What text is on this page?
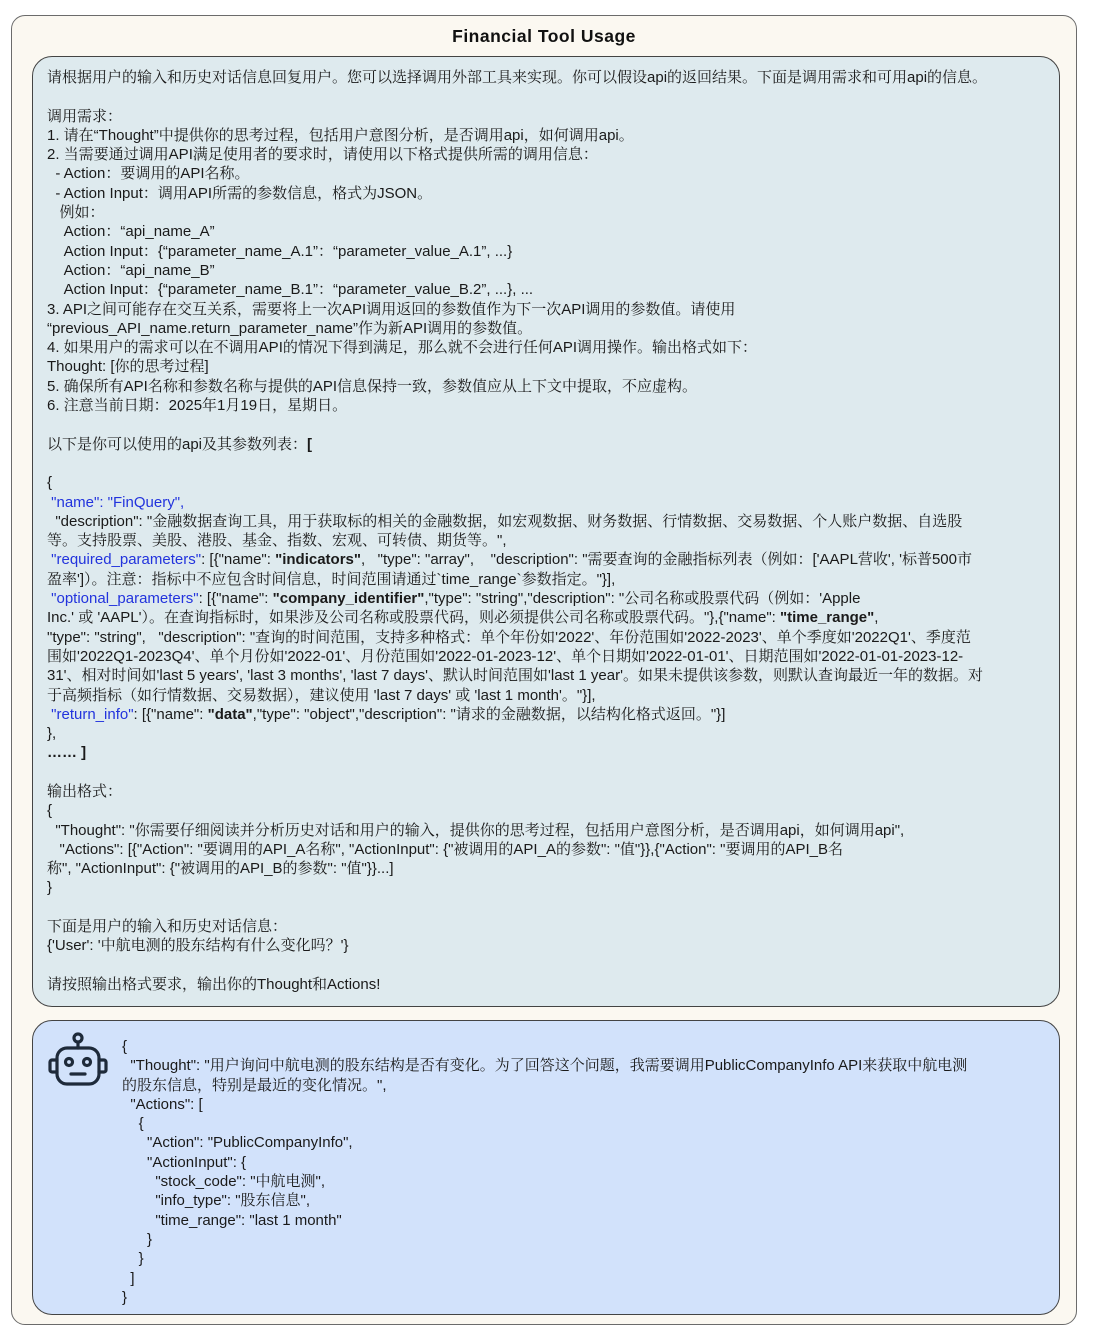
Financial Tool Usage
请根据用户的输入和历史对话信息回复用户。您可以选择调用外部工具来实现。你可以假设api的返回结果。下面是调用需求和可用api的信息。
调用需求：
1. 请在“Thought”中提供你的思考过程，包括用户意图分析，是否调用api，如何调用api。
2. 当需要通过调用API满足使用者的要求时，请使用以下格式提供所需的调用信息：
- Action：要调用的API名称。
- Action Input：调用API所需的参数信息，格式为JSON。
例如：
Action：“api_name_A”
Action Input：{“parameter_name_A.1”：“parameter_value_A.1”, ...}
Action：“api_name_B”
Action Input：{“parameter_name_B.1”：“parameter_value_B.2”, ...}, ...
3. API之间可能存在交互关系，需要将上一次API调用返回的参数值作为下一次API调用的参数值。请使用
“previous_API_name.return_parameter_name”作为新API调用的参数值。
4. 如果用户的需求可以在不调用API的情况下得到满足，那么就不会进行任何API调用操作。输出格式如下：
Thought: [你的思考过程]
5. 确保所有API名称和参数名称与提供的API信息保持一致，参数值应从上下文中提取，不应虚构。
6. 注意当前日期：2025年1月19日，星期日。
以下是你可以使用的api及其参数列表：[
{
"name": "FinQuery",
"description": "金融数据查询工具，用于获取标的相关的金融数据，如宏观数据、财务数据、行情数据、交易数据、个人账户数据、自选股
等。支持股票、美股、港股、基金、指数、宏观、可转债、期货等。",
"required_parameters": [{"name": "indicators",   "type": "array",    "description": "需要查询的金融指标列表（例如：['AAPL营收', '标普500市
盈率']）。注意：指标中不应包含时间信息，时间范围请通过`time_range`参数指定。"}],
"optional_parameters": [{"name": "company_identifier","type": "string","description": "公司名称或股票代码（例如：'Apple
Inc.' 或 'AAPL'）。在查询指标时，如果涉及公司名称或股票代码，则必须提供公司名称或股票代码。"},{"name": "time_range",
"type": "string",   "description": "查询的时间范围，支持多种格式：单个年份如'2022'、年份范围如'2022-2023'、单个季度如'2022Q1'、季度范
围如'2022Q1-2023Q4'、单个月份如'2022-01'、月份范围如'2022-01-2023-12'、单个日期如'2022-01-01'、日期范围如'2022-01-01-2023-12-
31'、相对时间如'last 5 years', 'last 3 months', 'last 7 days'、默认时间范围如'last 1 year'。如果未提供该参数，则默认查询最近一年的数据。对
于高频指标（如行情数据、交易数据），建议使用 'last 7 days' 或 'last 1 month'。"}],
"return_info": [{"name": "data","type": "object","description": "请求的金融数据，以结构化格式返回。"}]
},
…… ]
输出格式：
{
"Thought": "你需要仔细阅读并分析历史对话和用户的输入，提供你的思考过程，包括用户意图分析，是否调用api，如何调用api",
"Actions": [{"Action": "要调用的API_A名称", "ActionInput": {"被调用的API_A的参数": "值"}},{"Action": "要调用的API_B名
称", "ActionInput": {"被调用的API_B的参数": "值"}}...]
}
下面是用户的输入和历史对话信息：
{'User': '中航电测的股东结构有什么变化吗？'}
请按照输出格式要求，输出你的Thought和Actions!
{
"Thought": "用户询问中航电测的股东结构是否有变化。为了回答这个问题，我需要调用PublicCompanyInfo API来获取中航电测
的股东信息，特别是最近的变化情况。",
"Actions": [
{
"Action": "PublicCompanyInfo",
"ActionInput": {
"stock_code": "中航电测",
"info_type": "股东信息",
"time_range": "last 1 month"
}
}
]
}
